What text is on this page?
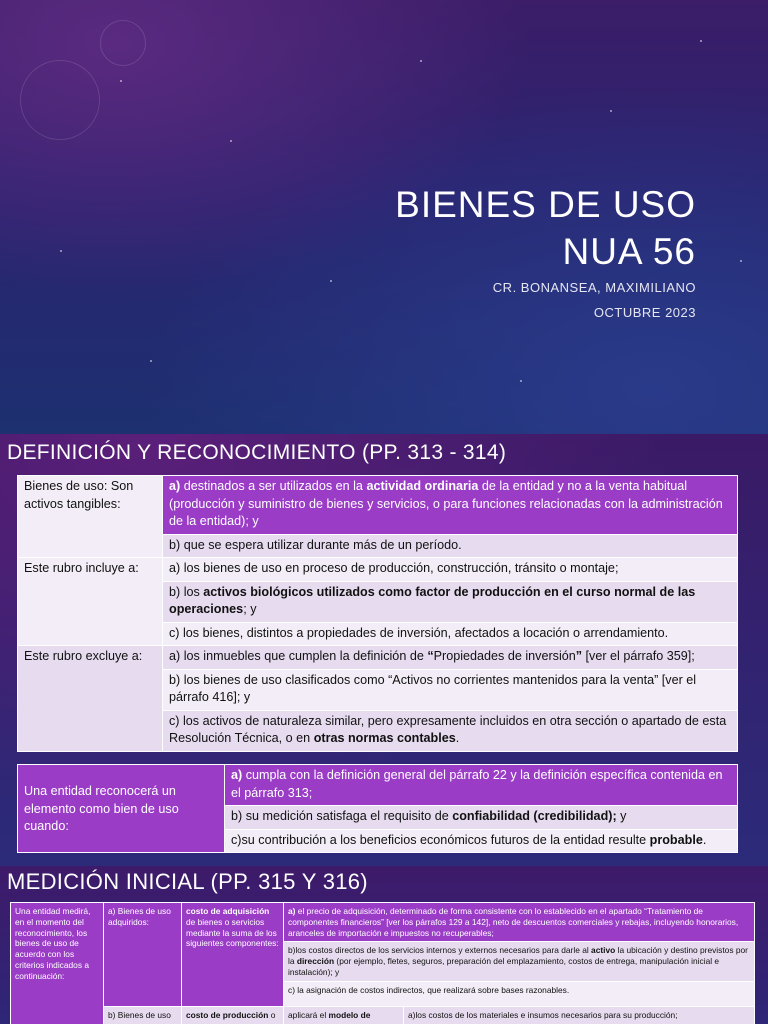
BIENES DE USO
NUA 56
CR. BONANSEA, MAXIMILIANO
OCTUBRE 2023
DEFINICIÓN Y RECONOCIMIENTO (PP. 313 - 314)
Bienes de uso: Son activos tangibles:	a) destinados a ser utilizados en la actividad ordinaria de la entidad y no a la venta habitual (producción y suministro de bienes y servicios, o para funciones relacionadas con la administración de la entidad); y
	b) que se espera utilizar durante más de un período.
Este rubro incluye a:	a) los bienes de uso en proceso de producción, construcción, tránsito o montaje;
	b) los activos biológicos utilizados como factor de producción en el curso normal de las operaciones; y
	c) los bienes, distintos a propiedades de inversión, afectados a locación o arrendamiento.
Este rubro excluye a:	a) los inmuebles que cumplen la definición de “Propiedades de inversión” [ver el párrafo 359];
	b) los bienes de uso clasificados como “Activos no corrientes mantenidos para la venta” [ver el párrafo 416]; y
	c) los activos de naturaleza similar, pero expresamente incluidos en otra sección o apartado de esta Resolución Técnica, o en otras normas contables.
Una entidad reconocerá un elemento como bien de uso cuando:	a) cumpla con la definición general del párrafo 22 y la definición específica contenida en el párrafo 313;
b) su medición satisfaga el requisito de confiabilidad (credibilidad); y
c)su contribución a los beneficios económicos futuros de la entidad resulte probable.
MEDICIÓN INICIAL (PP. 315 Y 316)
Una entidad medirá, en el momento del reconocimiento, los bienes de uso de acuerdo con los criterios indicados a continuación:	a) Bienes de uso adquiridos:	costo de adquisición de bienes o servicios mediante la suma de los siguientes componentes:	a) el precio de adquisición, determinado de forma consistente con lo establecido en el apartado “Tratamiento de componentes financieros” [ver los párrafos 129 a 142], neto de descuentos comerciales y rebajas, incluyendo honorarios, aranceles de importación e impuestos no recuperables;	
			b)los costos directos de los servicios internos y externos necesarios para darle al activo la ubicación y destino previstos por la dirección (por ejemplo, fletes, seguros, preparación del emplazamiento, costos de entrega, manipulación inicial e instalación); y	
			c) la asignación de costos indirectos, que realizará sobre bases razonables.	
	b) Bienes de uso	costo de producción o	aplicará el modelo de	a)los costos de los materiales e insumos necesarios para su producción;
